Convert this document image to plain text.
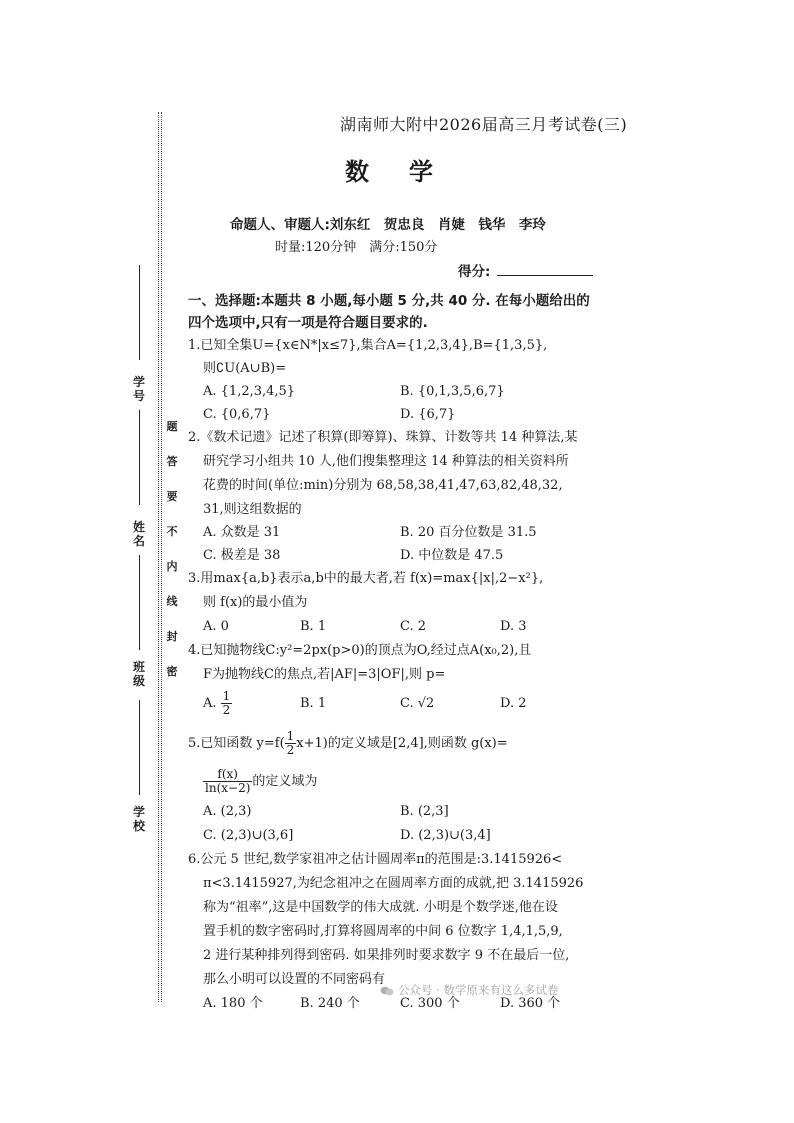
学 号
姓 名
班 级
学 校
题
答
要
不
内
线
封
密
湖南师大附中2026届高三月考试卷(三)
数学
命题人、审题人:刘东红　贺忠良　肖婕　钱华　李玲
时量:120分钟　满分:150分
得分:
一、选择题:本题共 8 小题,每小题 5 分,共 40 分. 在每小题给出的
四个选项中,只有一项是符合题目要求的.
1.已知全集U={x∈N*|x≤7},集合A={1,2,3,4},B={1,3,5},
则∁U(A∪B)=
A. {1,2,3,4,5}	B. {0,1,3,5,6,7}
C. {0,6,7}	D. {6,7}
2.《数术记遗》记述了积算(即筹算)、珠算、计数等共 14 种算法,某
研究学习小组共 10 人,他们搜集整理这 14 种算法的相关资料所
花费的时间(单位:min)分别为 68,58,38,41,47,63,82,48,32,
31,则这组数据的
A. 众数是 31	B. 20 百分位数是 31.5
C. 极差是 38	D. 中位数是 47.5
3.用max{a,b}表示a,b中的最大者,若 f(x)=max{|x|,2−x²},
则 f(x)的最小值为
A. 0	B. 1	C. 2	D. 3
4.已知抛物线C:y²=2px(p>0)的顶点为O,经过点A(x₀,2),且
F为抛物线C的焦点,若|AF|=3|OF|,则 p=
A. $\frac{1}{2}$	B. 1	C. √2	D. 2
5.已知函数 $y=f( \frac{1}{2} x+1)$的定义域是[2,4],则函数 g(x)=
$\frac{f(x)}{\ln(x-2)}$ 的定义域为
A. (2,3)	B. (2,3]
C. (2,3)∪(3,6]	D. (2,3)∪(3,4]
6.公元 5 世纪,数学家祖冲之估计圆周率π的范围是:3.1415926<
π<3.1415927,为纪念祖冲之在圆周率方面的成就,把 3.1415926
称为“祖率”,这是中国数学的伟大成就. 小明是个数学迷,他在设
置手机的数字密码时,打算将圆周率的中间 6 位数字 1,4,1,5,9,
2 进行某种排列得到密码. 如果排列时要求数字 9 不在最后一位,
那么小明可以设置的不同密码有
A. 180 个	B. 240 个	C. 300 个	D. 360 个
公众号 · 数学原来有这么多试卷
